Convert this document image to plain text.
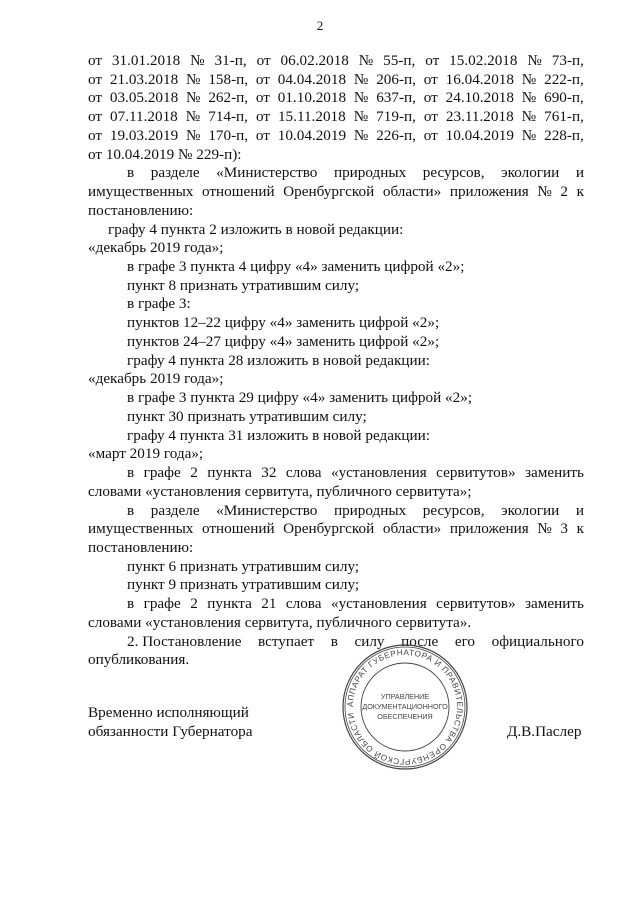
2
от 31.01.2018 № 31-п, от 06.02.2018 № 55-п, от 15.02.2018 № 73-п,
от 21.03.2018 № 158-п, от 04.04.2018 № 206-п, от 16.04.2018 № 222-п,
от 03.05.2018 № 262-п, от 01.10.2018 № 637-п, от 24.10.2018 № 690-п,
от 07.11.2018 № 714-п, от 15.11.2018 № 719-п, от 23.11.2018 № 761-п,
от 19.03.2019 № 170-п, от 10.04.2019 № 226-п, от 10.04.2019 № 228-п,
от 10.04.2019 № 229-п):
в разделе «Министерство природных ресурсов, экологии и
имущественных отношений Оренбургской области» приложения № 2 к
постановлению:
графу 4 пункта 2 изложить в новой редакции:
«декабрь 2019 года»;
в графе 3 пункта 4 цифру «4» заменить цифрой «2»;
пункт 8 признать утратившим силу;
в графе 3:
пунктов 12–22 цифру «4» заменить цифрой «2»;
пунктов 24–27 цифру «4» заменить цифрой «2»;
графу 4 пункта 28 изложить в новой редакции:
«декабрь 2019 года»;
в графе 3 пункта 29 цифру «4» заменить цифрой «2»;
пункт 30 признать утратившим силу;
графу 4 пункта 31 изложить в новой редакции:
«март 2019 года»;
в графе 2 пункта 32 слова «установления сервитутов» заменить
словами «установления сервитута, публичного сервитута»;
в разделе «Министерство природных ресурсов, экологии и
имущественных отношений Оренбургской области» приложения № 3 к
постановлению:
пункт 6 признать утратившим силу;
пункт 9 признать утратившим силу;
в графе 2 пункта 21 слова «установления сервитутов» заменить
словами «установления сервитута, публичного сервитута».
2. Постановление вступает в силу после его официального
опубликования.
АППАРАТ ГУБЕРНАТОРА И ПРАВИТЕЛЬСТВА ОРЕНБУРГСКОЙ ОБЛАСТИ
УПРАВЛЕНИЕ
ДОКУМЕНТАЦИОННОГО
ОБЕСПЕЧЕНИЯ
Временно исполняющий
обязанности Губернатора	Д.В.Паслер
